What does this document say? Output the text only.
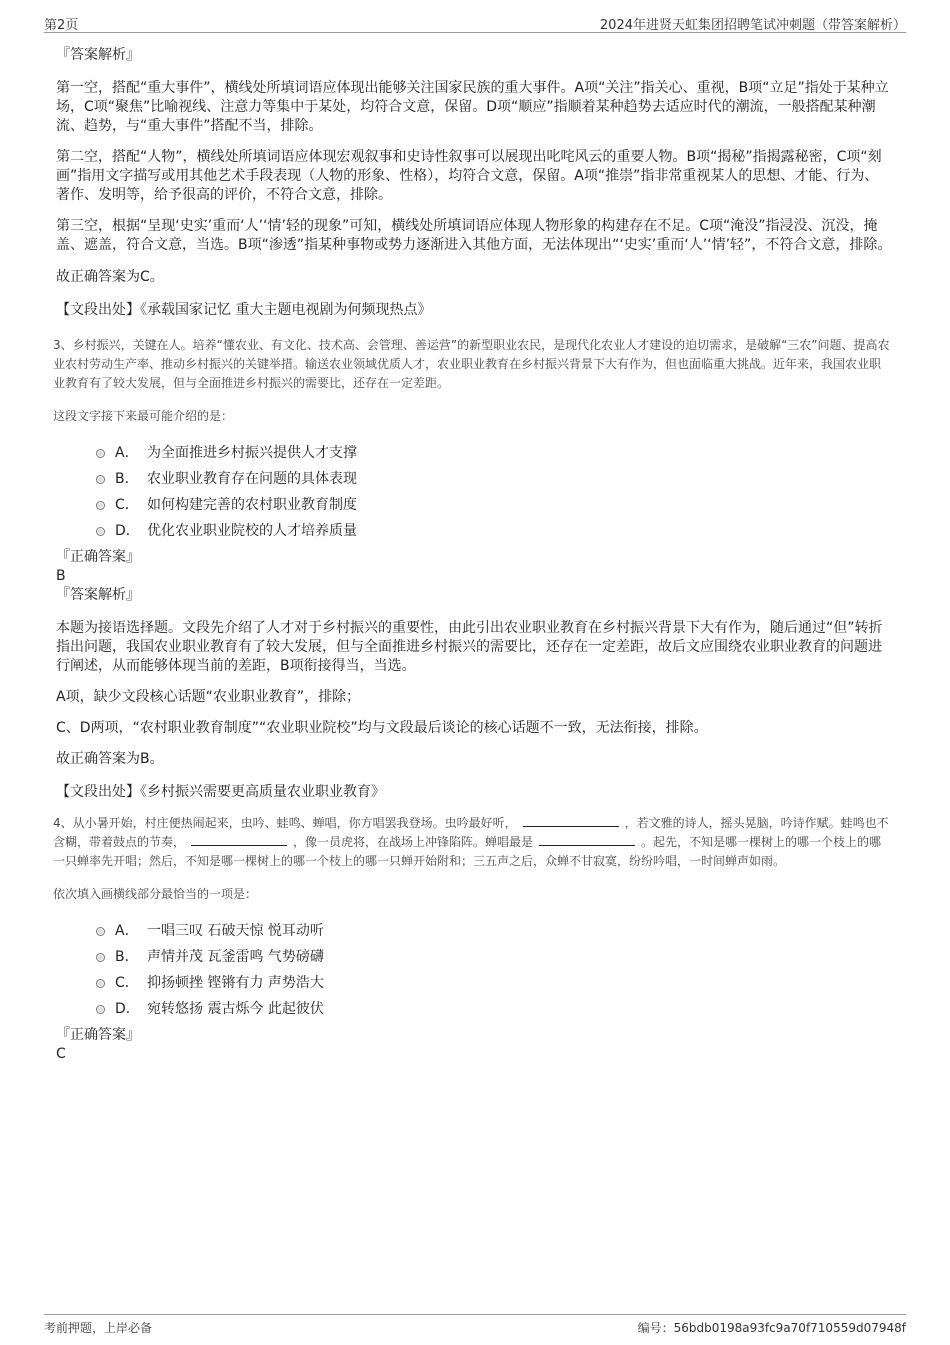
第2页	2024年进贤天虹集团招聘笔试冲刺题（带答案解析）

『答案解析』

第一空，搭配“重大事件”，横线处所填词语应体现出能够关注国家民族的重大事件。A项“关注”指关心、重视，B项“立足”指处于某种立场，C项“聚焦”比喻视线、注意力等集中于某处，均符合文意，保留。D项“顺应”指顺着某种趋势去适应时代的潮流，一般搭配某种潮流、趋势，与“重大事件”搭配不当，排除。

第二空，搭配“人物”，横线处所填词语应体现宏观叙事和史诗性叙事可以展现出叱咤风云的重要人物。B项“揭秘”指揭露秘密，C项“刻画”指用文字描写或用其他艺术手段表现（人物的形象、性格），均符合文意，保留。A项“推崇”指非常重视某人的思想、才能、行为、著作、发明等，给予很高的评价，不符合文意，排除。

第三空，根据“呈现‘史实’重而‘人’‘情’轻的现象”可知，横线处所填词语应体现人物形象的构建存在不足。C项“淹没”指浸没、沉没，掩盖、遮盖，符合文意，当选。B项“渗透”指某种事物或势力逐渐进入其他方面，无法体现出“‘史实’重而‘人’‘情’轻”，不符合文意，排除。

故正确答案为C。

【文段出处】《承载国家记忆 重大主题电视剧为何频现热点》

3、乡村振兴，关键在人。培养“懂农业、有文化、技术高、会管理、善运营”的新型职业农民，是现代化农业人才建设的迫切需求，是破解“三农”问题、提高农业农村劳动生产率、推动乡村振兴的关键举措。输送农业领域优质人才，农业职业教育在乡村振兴背景下大有作为，但也面临重大挑战。近年来，我国农业职业教育有了较大发展，但与全面推进乡村振兴的需要比，还存在一定差距。

这段文字接下来最可能介绍的是：

A． 为全面推进乡村振兴提供人才支撑
B． 农业职业教育存在问题的具体表现
C． 如何构建完善的农村职业教育制度
D． 优化农业职业院校的人才培养质量

『正确答案』

B

『答案解析』

本题为接语选择题。文段先介绍了人才对于乡村振兴的重要性，由此引出农业职业教育在乡村振兴背景下大有作为，随后通过“但”转折指出问题，我国农业职业教育有了较大发展，但与全面推进乡村振兴的需要比，还存在一定差距，故后文应围绕农业职业教育的问题进行阐述，从而能够体现当前的差距，B项衔接得当，当选。

A项，缺少文段核心话题“农业职业教育”，排除；

C、D两项，“农村职业教育制度”“农业职业院校”均与文段最后谈论的核心话题不一致，无法衔接，排除。

故正确答案为B。

【文段出处】《乡村振兴需要更高质量农业职业教育》

4、从小暑开始，村庄便热闹起来，虫吟、蛙鸣、蝉唱，你方唱罢我登场。虫吟最好听，	，若文雅的诗人，摇头晃脑，吟诗作赋。蛙鸣也不含糊，带着鼓点的节奏，	，像一员虎将，在战场上冲锋陷阵。蝉唱最是	。起先，不知是哪一棵树上的哪一个枝上的哪一只蝉率先开唱；然后，不知是哪一棵树上的哪一个枝上的哪一只蝉开始附和；三五声之后，众蝉不甘寂寞，纷纷吟唱，一时间蝉声如雨。

依次填入画横线部分最恰当的一项是：

A． 一唱三叹 石破天惊 悦耳动听
B． 声情并茂 瓦釜雷鸣 气势磅礴
C． 抑扬顿挫 铿锵有力 声势浩大
D． 宛转悠扬 震古烁今 此起彼伏

『正确答案』

C

考前押题，上岸必备	编号：56bdb0198a93fc9a70f710559d07948f
